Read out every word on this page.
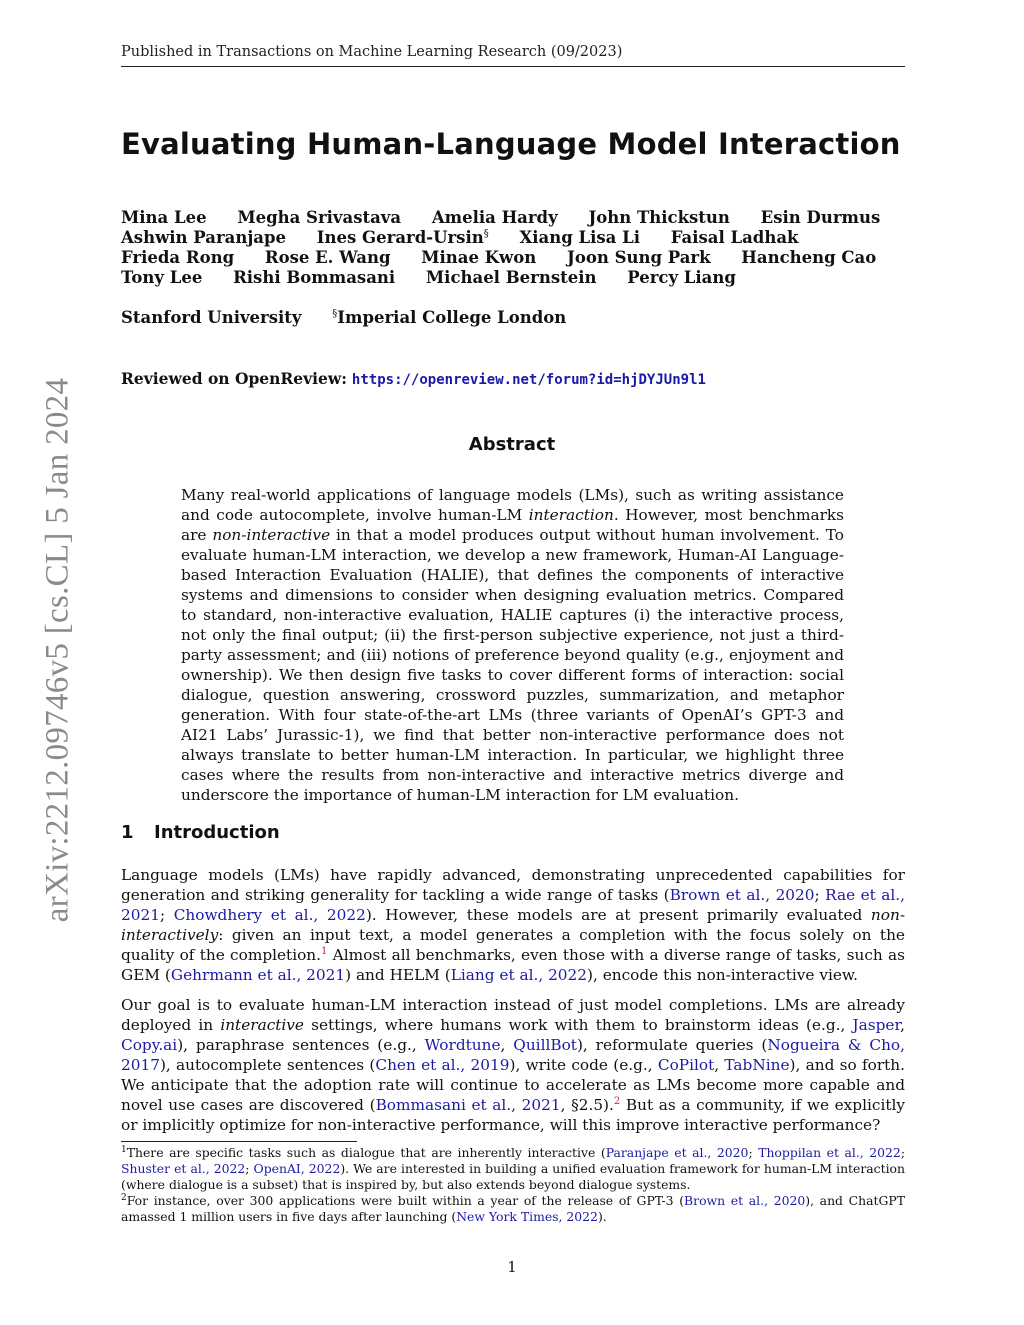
Published in Transactions on Machine Learning Research (09/2023)
arXiv:2212.09746v5 [cs.CL] 5 Jan 2024
Evaluating Human-Language Model Interaction
Mina Lee Megha Srivastava Amelia Hardy John Thickstun Esin Durmus
Ashwin Paranjape Ines Gerard-Ursin§ Xiang Lisa Li Faisal Ladhak
Frieda Rong Rose E. Wang Minae Kwon Joon Sung Park Hancheng Cao
Tony Lee Rishi Bommasani Michael Bernstein Percy Liang
Stanford University	§Imperial College London
Reviewed on OpenReview: https://openreview.net/forum?id=hjDYJUn9l1
Abstract
Many real-world applications of language models (LMs), such as writing assistance and code autocomplete, involve human-LM interaction. However, most benchmarks are non-interactive in that a model produces output without human involvement. To evaluate human-LM interaction, we develop a new framework, Human-AI Language-based Interaction Evaluation (HALIE), that defines the components of interactive systems and dimensions to consider when designing evaluation metrics. Compared to standard, non-interactive evaluation, HALIE captures (i) the interactive process, not only the final output; (ii) the first-person subjective experience, not just a third-party assessment; and (iii) notions of preference beyond quality (e.g., enjoyment and ownership). We then design five tasks to cover different forms of interaction: social dialogue, question answering, crossword puzzles, summarization, and metaphor generation. With four state-of-the-art LMs (three variants of OpenAI’s GPT-3 and AI21 Labs’ Jurassic-1), we find that better non-interactive performance does not always translate to better human-LM interaction. In particular, we highlight three cases where the results from non-interactive and interactive metrics diverge and underscore the importance of human-LM interaction for LM evaluation.
1 Introduction
Language models (LMs) have rapidly advanced, demonstrating unprecedented capabilities for generation and striking generality for tackling a wide range of tasks (Brown et al., 2020; Rae et al., 2021; Chowdhery et al., 2022). However, these models are at present primarily evaluated non-interactively: given an input text, a model generates a completion with the focus solely on the quality of the completion.$^1$ Almost all benchmarks, even those with a diverse range of tasks, such as GEM (Gehrmann et al., 2021) and HELM (Liang et al., 2022), encode this non-interactive view.
Our goal is to evaluate human-LM interaction instead of just model completions. LMs are already deployed in interactive settings, where humans work with them to brainstorm ideas (e.g., Jasper, Copy.ai), paraphrase sentences (e.g., Wordtune, QuillBot), reformulate queries (Nogueira & Cho, 2017), autocomplete sentences (Chen et al., 2019), write code (e.g., CoPilot, TabNine), and so forth. We anticipate that the adoption rate will continue to accelerate as LMs become more capable and novel use cases are discovered (Bommasani et al., 2021, §2.5).$^2$ But as a community, if we explicitly or implicitly optimize for non-interactive performance, will this improve interactive performance?
$^1$There are specific tasks such as dialogue that are inherently interactive (Paranjape et al., 2020; Thoppilan et al., 2022; Shuster et al., 2022; OpenAI, 2022). We are interested in building a unified evaluation framework for human-LM interaction (where dialogue is a subset) that is inspired by, but also extends beyond dialogue systems.
$^2$For instance, over 300 applications were built within a year of the release of GPT-3 (Brown et al., 2020), and ChatGPT amassed 1 million users in five days after launching (New York Times, 2022).
1
